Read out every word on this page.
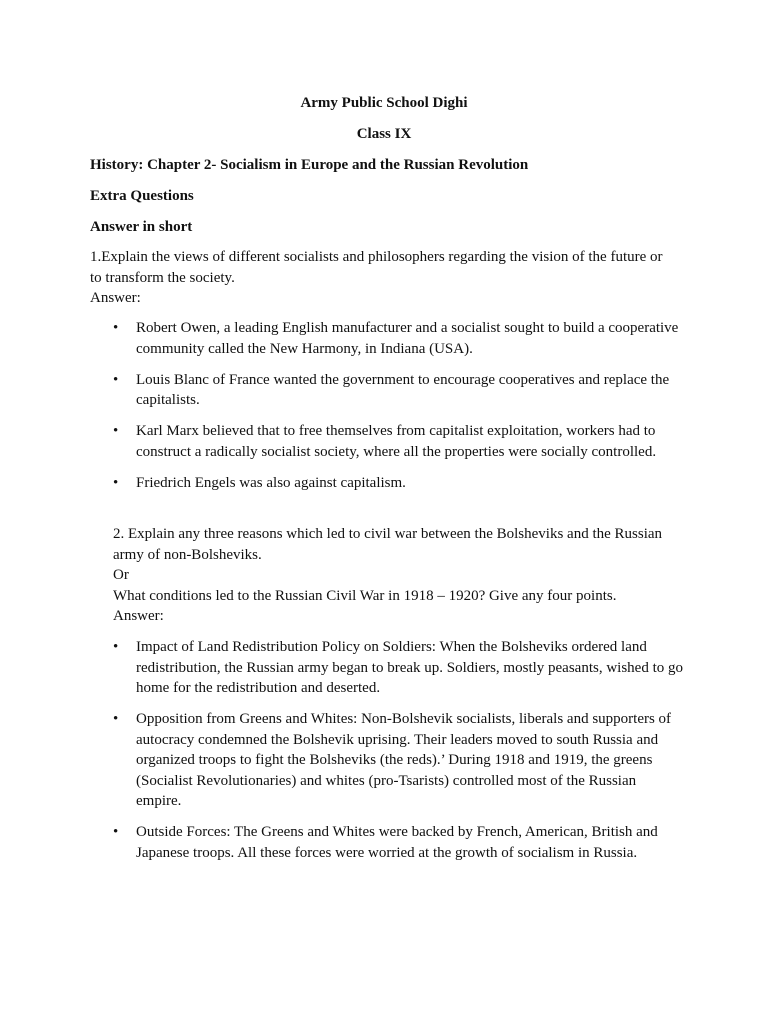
Army Public School Dighi
Class IX
History: Chapter 2- Socialism in Europe and the Russian Revolution
Extra Questions
Answer in short
1.Explain the views of different socialists and philosophers regarding the vision of the future or
to transform the society.
Answer:
•	Robert Owen, a leading English manufacturer and a socialist sought to build a cooperative community called the New Harmony, in Indiana (USA).
•	Louis Blanc of France wanted the government to encourage cooperatives and replace the capitalists.
•	Karl Marx believed that to free themselves from capitalist exploitation, workers had to construct a radically socialist society, where all the properties were socially controlled.
•	Friedrich Engels was also against capitalism.
2. Explain any three reasons which led to civil war between the Bolsheviks and the Russian
army of non-Bolsheviks.
Or
What conditions led to the Russian Civil War in 1918 – 1920? Give any four points.
Answer:
•	Impact of Land Redistribution Policy on Soldiers: When the Bolsheviks ordered land redistribution, the Russian army began to break up. Soldiers, mostly peasants, wished to go home for the redistribution and deserted.
•	Opposition from Greens and Whites: Non-Bolshevik socialists, liberals and supporters of autocracy condemned the Bolshevik uprising. Their leaders moved to south Russia and organized troops to fight the Bolsheviks (the reds).’ During 1918 and 1919, the greens (Socialist Revolutionaries) and whites (pro-Tsarists) controlled most of the Russian empire.
•	Outside Forces: The Greens and Whites were backed by French, American, British and Japanese troops. All these forces were worried at the growth of socialism in Russia.
